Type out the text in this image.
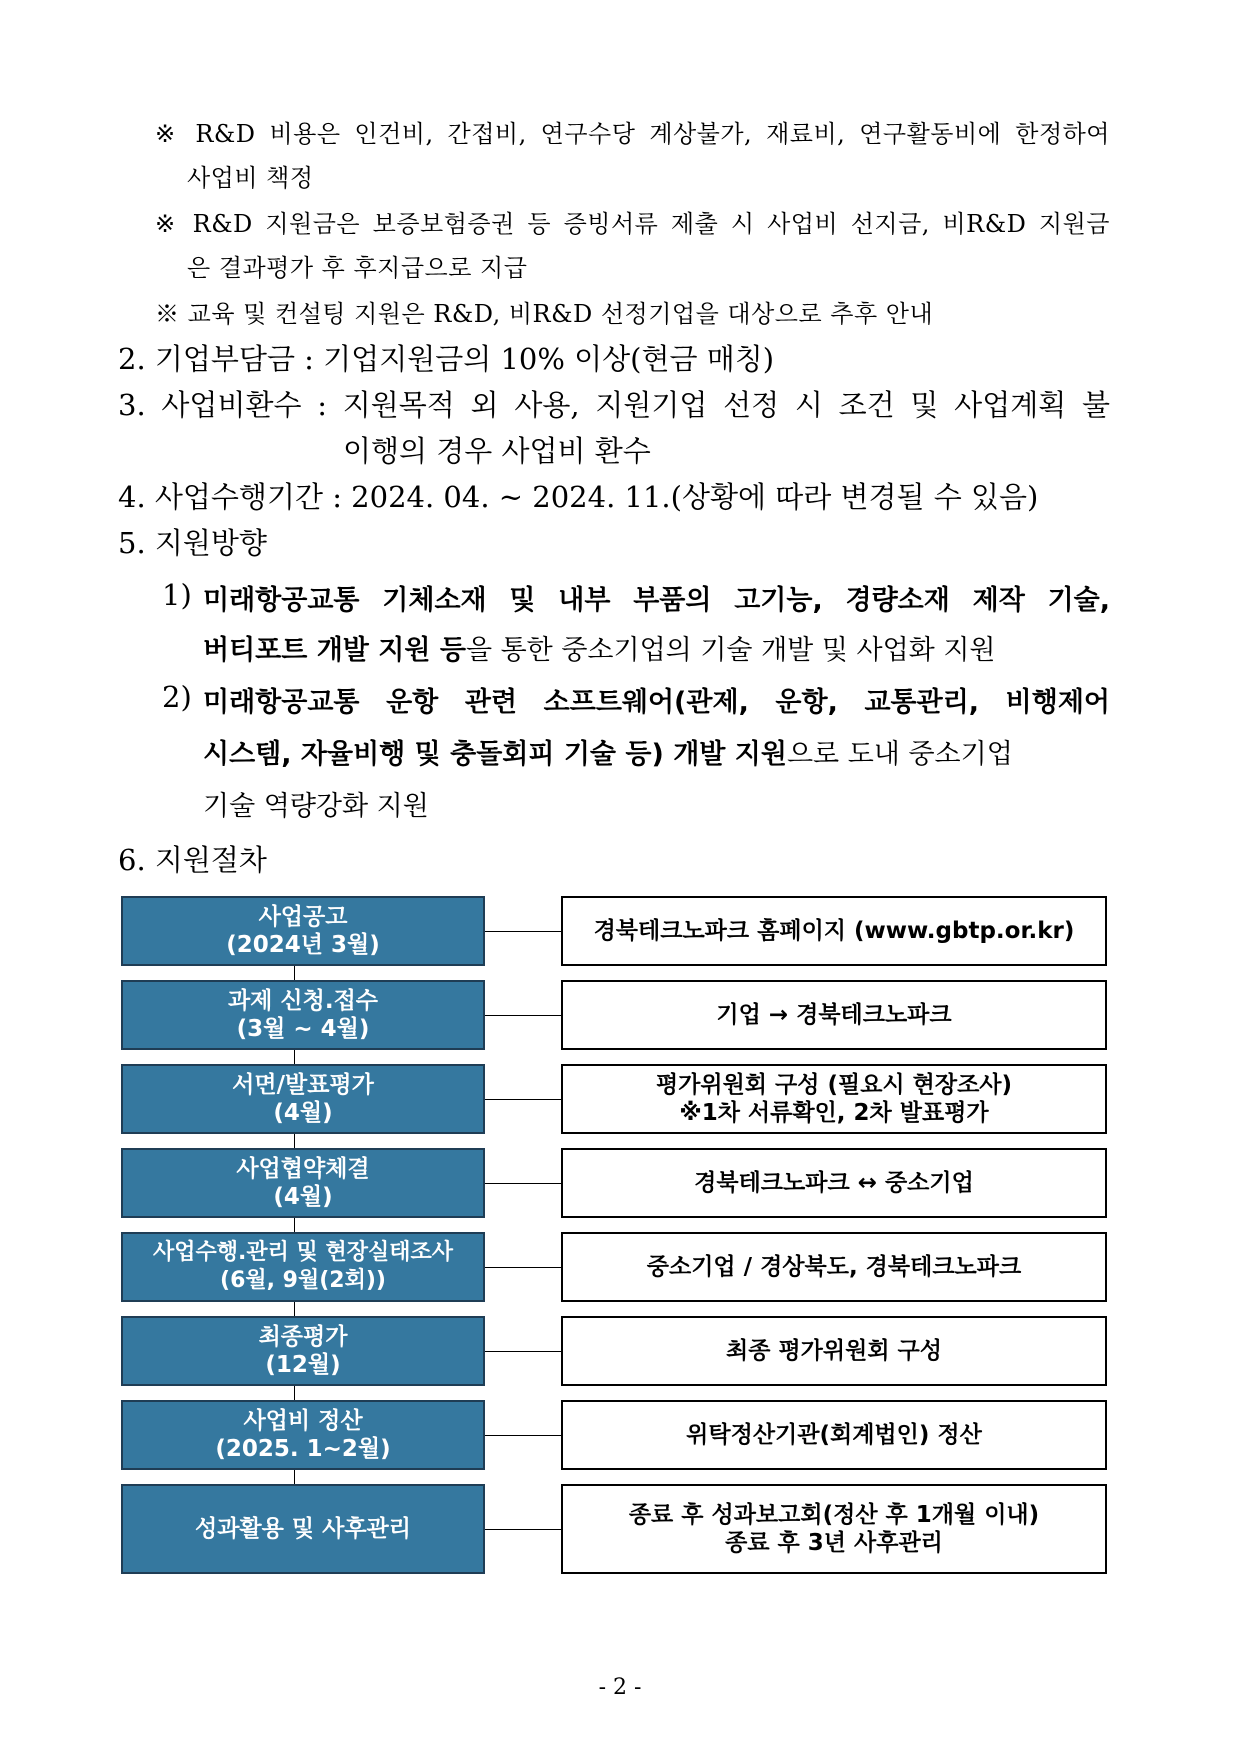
※ R&D 비용은 인건비, 간접비, 연구수당 계상불가, 재료비, 연구활동비에 한정하여
사업비 책정
※ R&D 지원금은 보증보험증권 등 증빙서류 제출 시 사업비 선지금, 비R&D 지원금
은 결과평가 후 후지급으로 지급
※ 교육 및 컨설팅 지원은 R&D, 비R&D 선정기업을 대상으로 추후 안내
2. 기업부담금 : 기업지원금의 10% 이상(현금 매칭)
3. 사업비환수 : 지원목적 외 사용, 지원기업 선정 시 조건 및 사업계획 불
이행의 경우 사업비 환수
4. 사업수행기간 : 2024. 04. ~ 2024. 11.(상황에 따라 변경될 수 있음)
5. 지원방향
1) 미래항공교통 기체소재 및 내부 부품의 고기능, 경량소재 제작 기술,
버티포트 개발 지원 등을 통한 중소기업의 기술 개발 및 사업화 지원
2) 미래항공교통 운항 관련 소프트웨어(관제, 운항, 교통관리, 비행제어
시스템, 자율비행 및 충돌회피 기술 등) 개발 지원으로 도내 중소기업
기술 역량강화 지원
6. 지원절차
사업공고
(2024년 3월)
경북테크노파크 홈페이지 (www.gbtp.or.kr)
과제 신청.접수
(3월 ~ 4월)
기업 → 경북테크노파크
서면/발표평가
(4월)
평가위원회 구성 (필요시 현장조사)
※1차 서류확인, 2차 발표평가
사업협약체결
(4월)
경북테크노파크 ↔ 중소기업
사업수행.관리 및 현장실태조사
(6월, 9월(2회))
중소기업 / 경상북도, 경북테크노파크
최종평가
(12월)
최종 평가위원회 구성
사업비 정산
(2025. 1~2월)
위탁정산기관(회계법인) 정산
성과활용 및 사후관리
종료 후 성과보고회(정산 후 1개월 이내)
종료 후 3년 사후관리
- 2 -
